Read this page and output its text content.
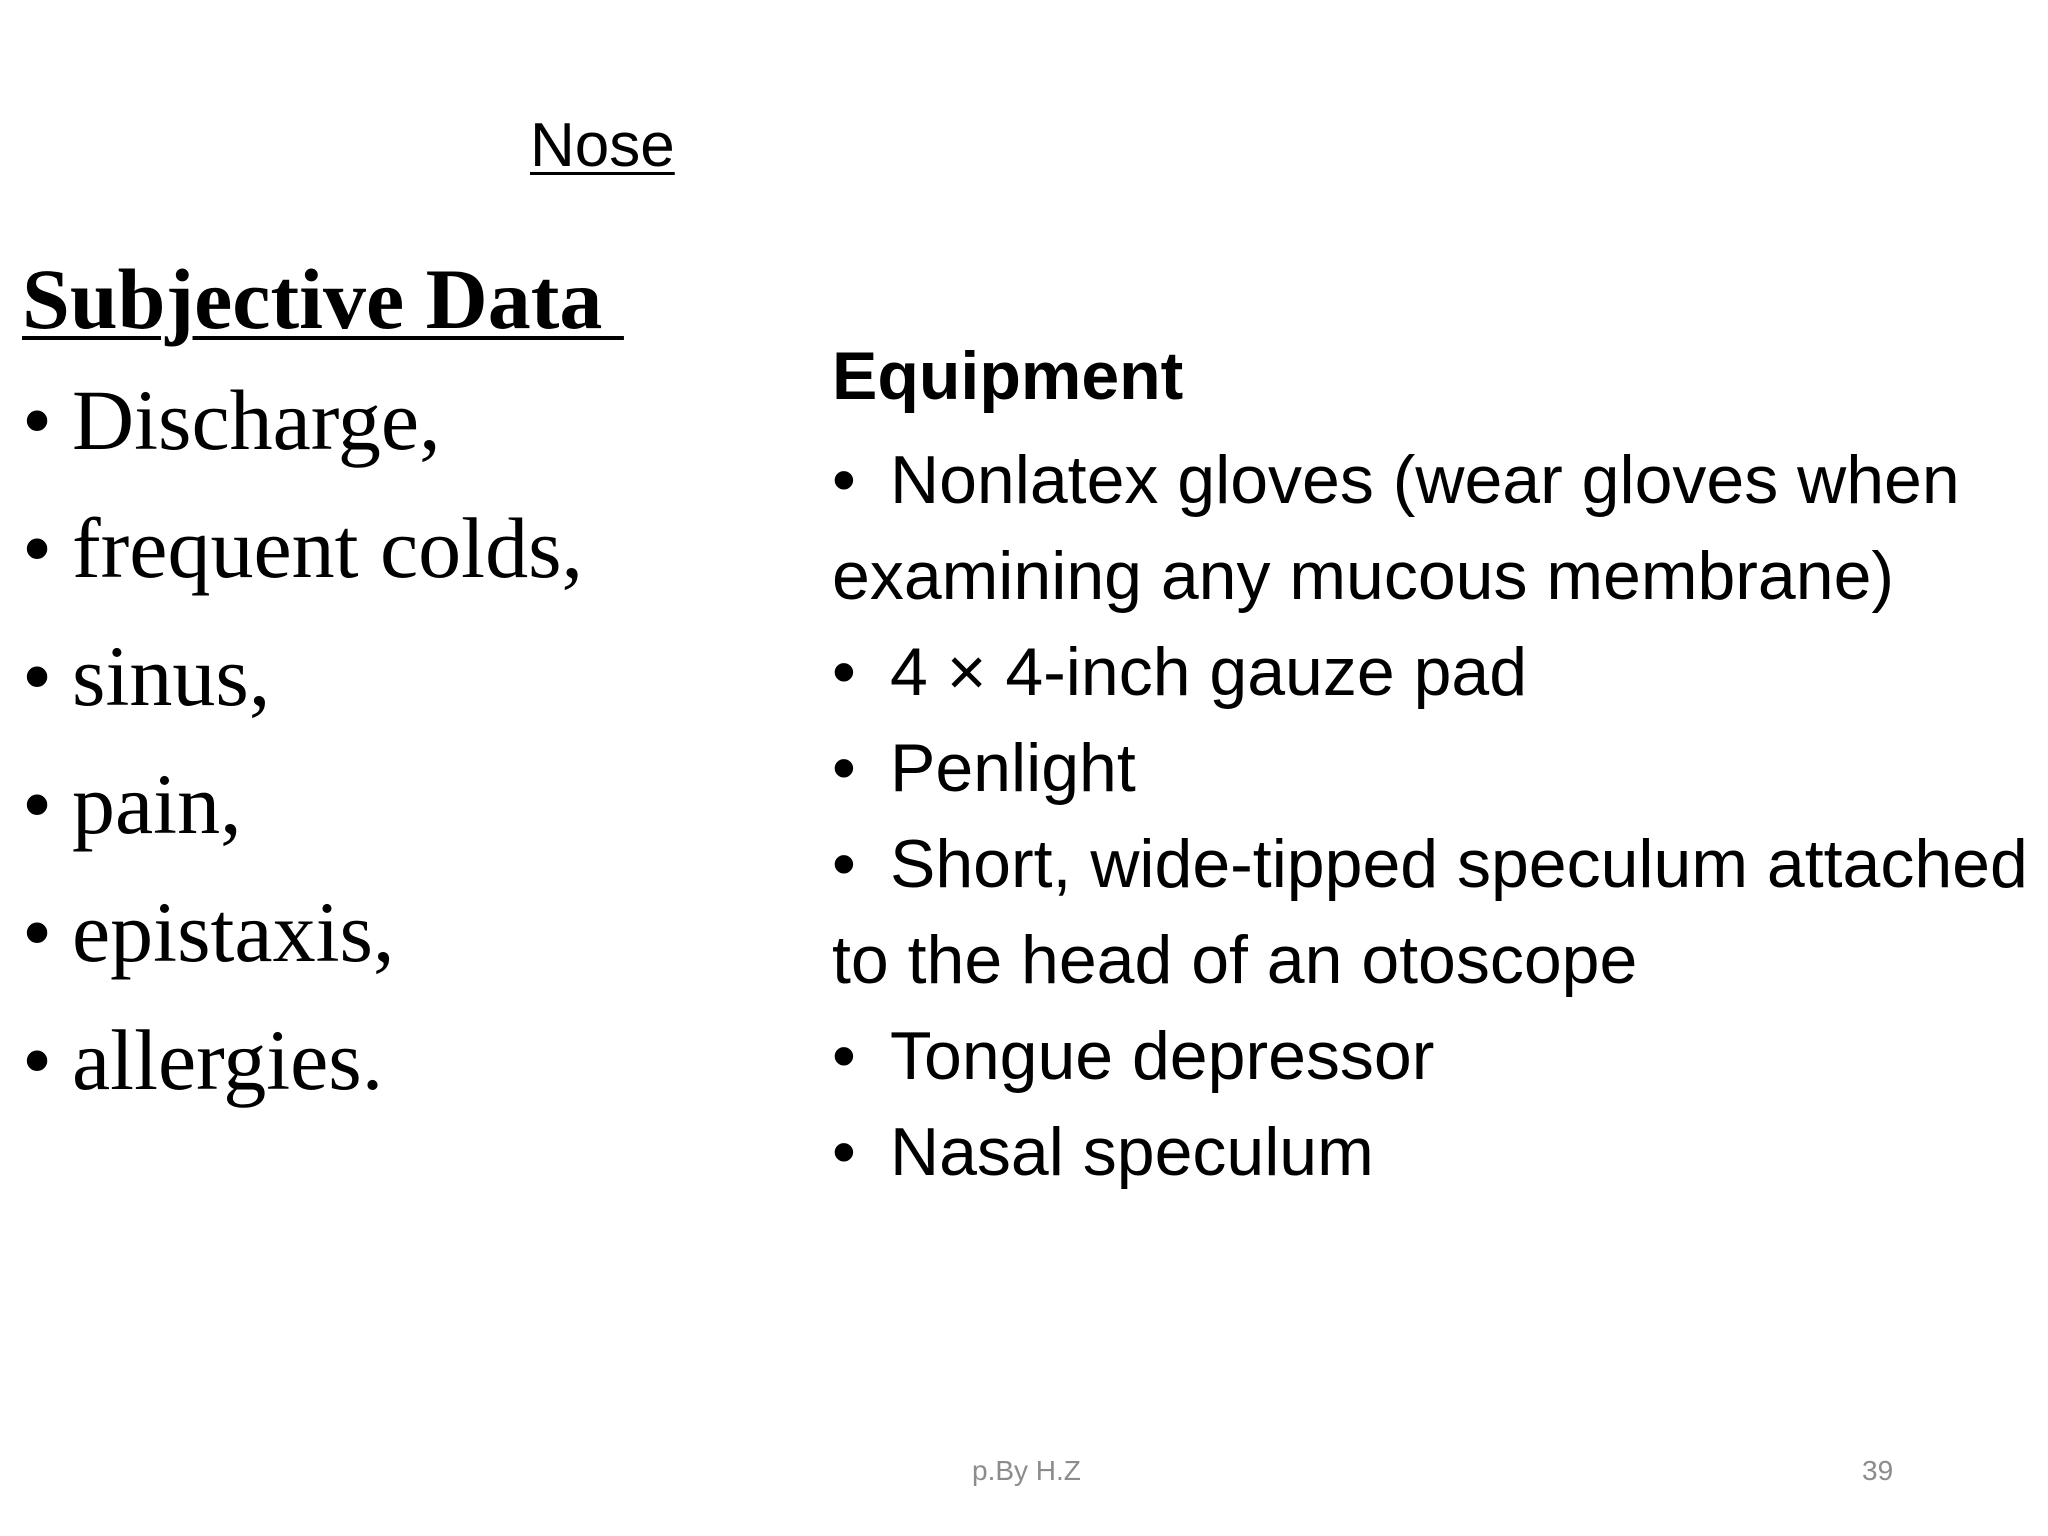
Nose
Subjective Data
• Discharge,
• frequent colds,
• sinus,
• pain,
• epistaxis,
• allergies.
Equipment
• Nonlatex gloves (wear gloves when examining any mucous membrane)
• 4 × 4-inch gauze pad
• Penlight
• Short, wide-tipped speculum attached to the head of an otoscope
• Tongue depressor
• Nasal speculum
p.By H.Z	39
